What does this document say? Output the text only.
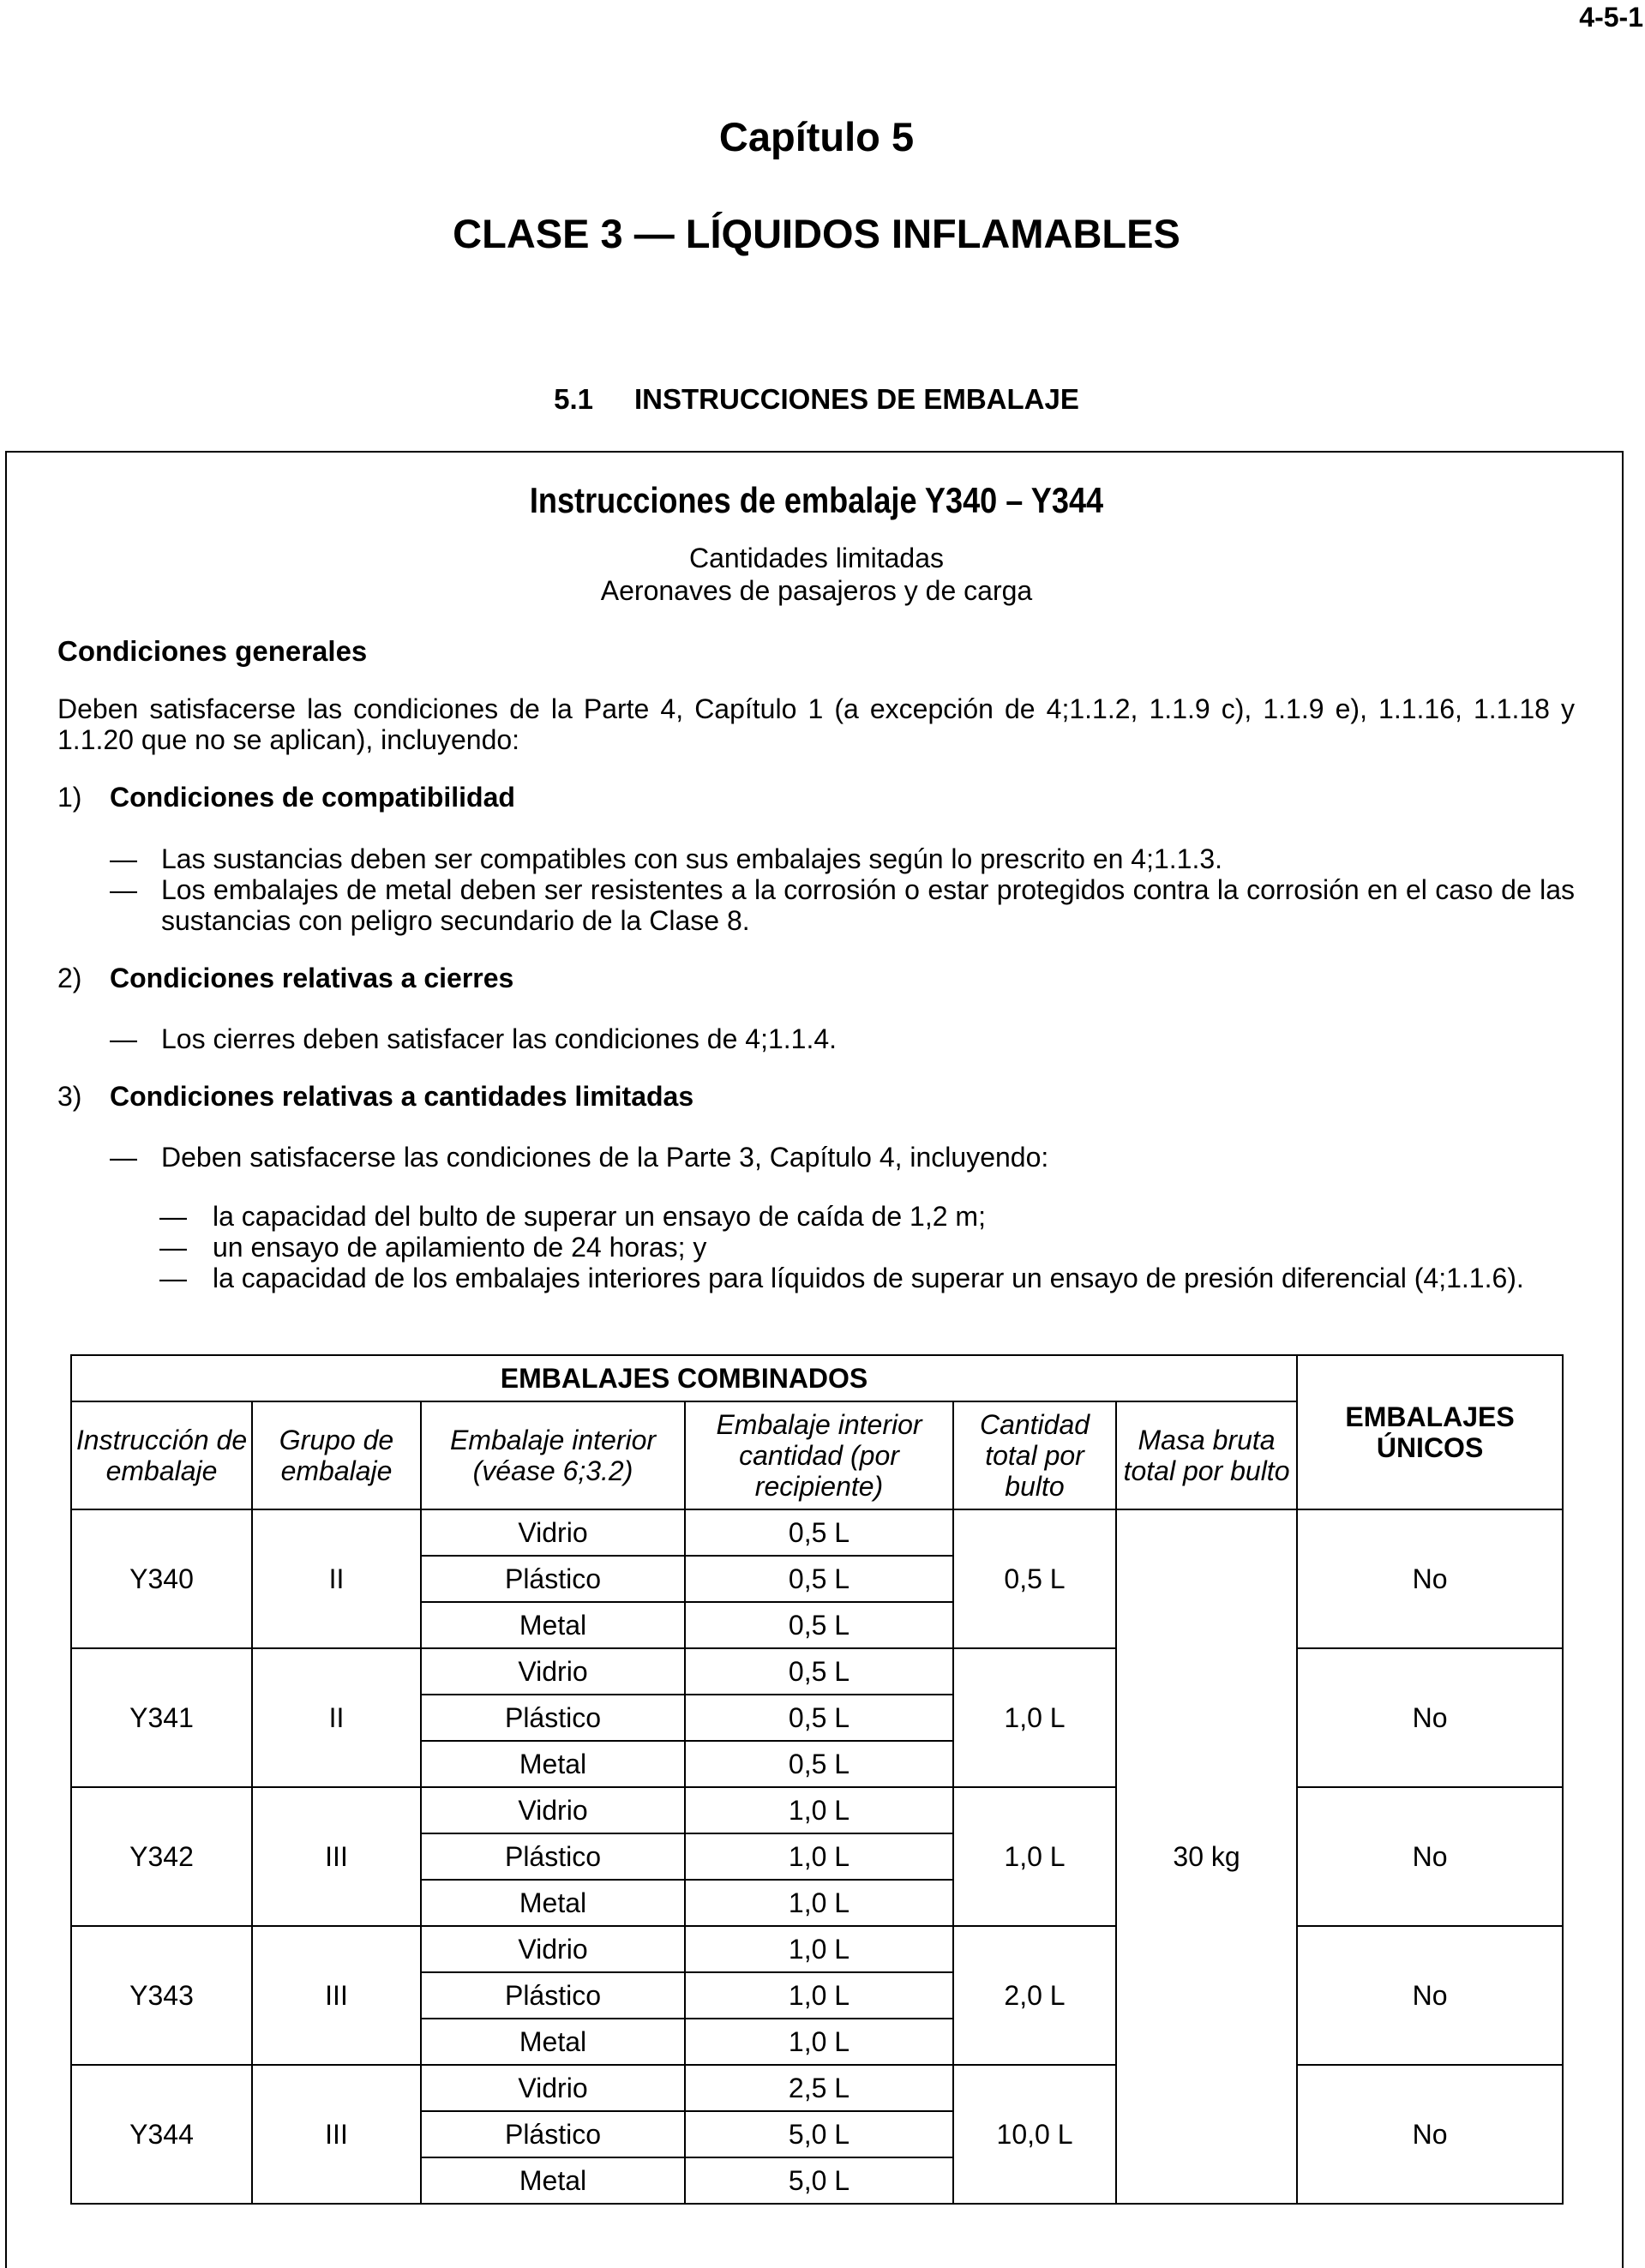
4-5-1
Capítulo 5
CLASE 3 — LÍQUIDOS INFLAMABLES
5.1 INSTRUCCIONES DE EMBALAJE
Instrucciones de embalaje Y340 – Y344
Cantidades limitadas
Aeronaves de pasajeros y de carga
Condiciones generales
Deben satisfacerse las condiciones de la Parte 4, Capítulo 1 (a excepción de 4;1.1.2, 1.1.9 c), 1.1.9 e), 1.1.16, 1.1.18 y 1.1.20 que no se aplican), incluyendo:
1) Condiciones de compatibilidad
— Las sustancias deben ser compatibles con sus embalajes según lo prescrito en 4;1.1.3.
— Los embalajes de metal deben ser resistentes a la corrosión o estar protegidos contra la corrosión en el caso de las sustancias con peligro secundario de la Clase 8.
2) Condiciones relativas a cierres
— Los cierres deben satisfacer las condiciones de 4;1.1.4.
3) Condiciones relativas a cantidades limitadas
— Deben satisfacerse las condiciones de la Parte 3, Capítulo 4, incluyendo:
— la capacidad del bulto de superar un ensayo de caída de 1,2 m;
— un ensayo de apilamiento de 24 horas; y
— la capacidad de los embalajes interiores para líquidos de superar un ensayo de presión diferencial (4;1.1.6).
EMBALAJES COMBINADOS						EMBALAJES ÚNICOS
Instrucción de embalaje	Grupo de embalaje	Embalaje interior (véase 6;3.2)	Embalaje interior cantidad (por recipiente)	Cantidad total por bulto	Masa bruta total por bulto	
Y340	II	Vidrio	0,5 L	0,5 L	30 kg	No
		Plástico	0,5 L			
		Metal	0,5 L			
Y341	II	Vidrio	0,5 L	1,0 L		No
		Plástico	0,5 L			
		Metal	0,5 L			
Y342	III	Vidrio	1,0 L	1,0 L		No
		Plástico	1,0 L			
		Metal	1,0 L			
Y343	III	Vidrio	1,0 L	2,0 L		No
		Plástico	1,0 L			
		Metal	1,0 L			
Y344	III	Vidrio	2,5 L	10,0 L		No
		Plástico	5,0 L			
		Metal	5,0 L			
